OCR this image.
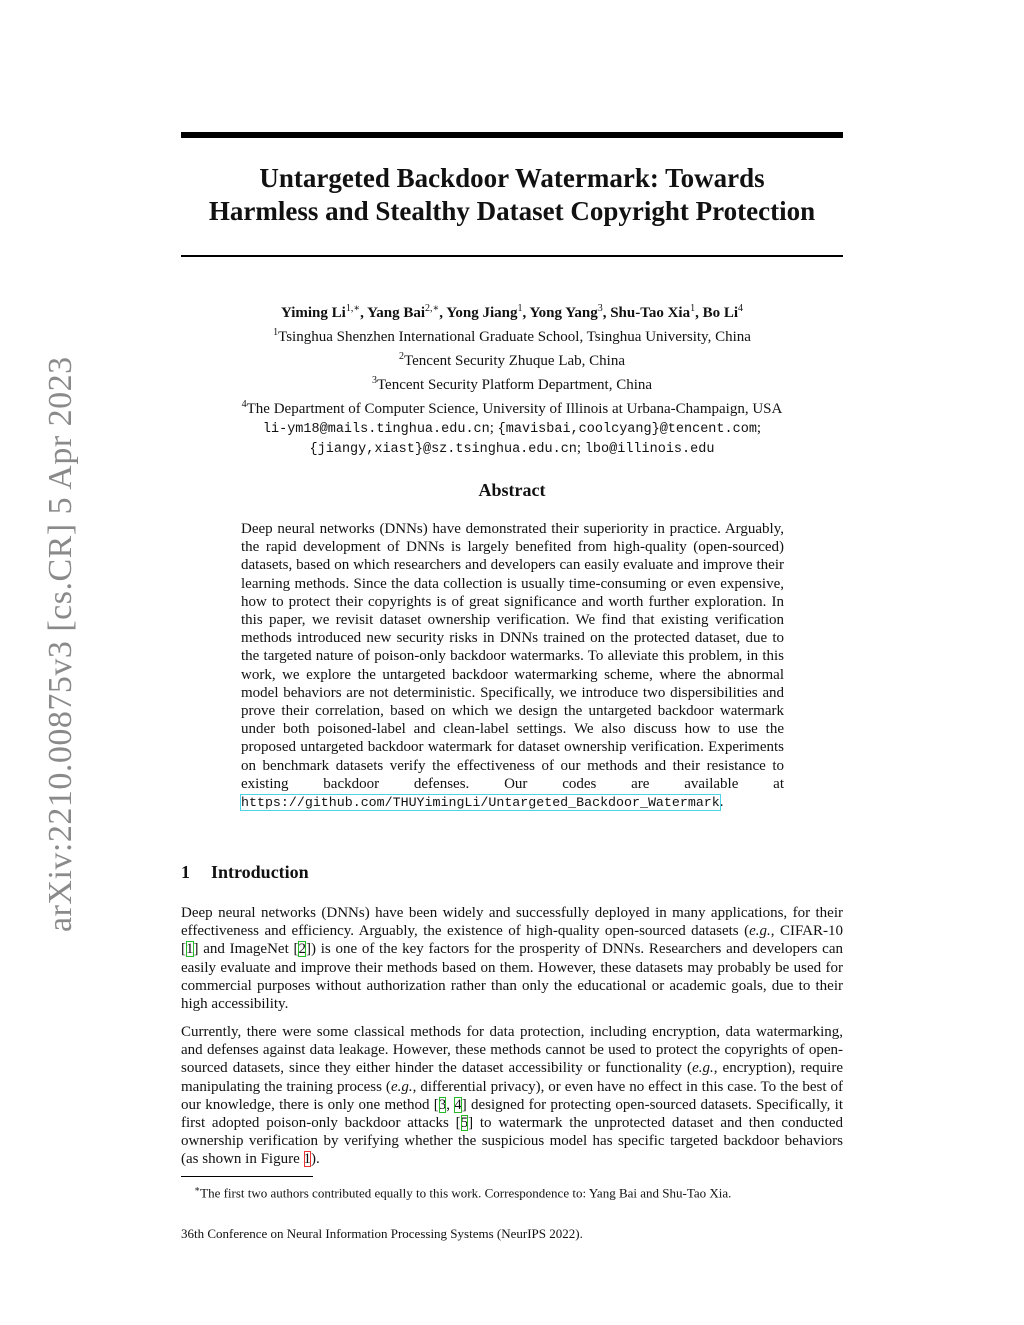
arXiv:2210.00875v3 [cs.CR] 5 Apr 2023
Untargeted Backdoor Watermark: Towards
Harmless and Stealthy Dataset Copyright Protection
Yiming $Li^{1,∗}$, Yang Bai$^{2,∗}$, Yong Jiang$^1$, Yong Yang$^3$, Shu-Tao Xia$^1$, Bo Li$^4$
$^1$Tsinghua Shenzhen International Graduate School, Tsinghua University, China
$^2$Tencent Security Zhuque Lab, China
$^3$Tencent Security Platform Department, China
$^4$The Department of Computer Science, University of Illinois at Urbana-Champaign, USA
li-ym18@mails.tinghua.edu.cn; {mavisbai,coolcyang}@tencent.com;
{jiangy,xiast}@sz.tsinghua.edu.cn; lbo@illinois.edu
Abstract

Deep neural networks (DNNs) have demonstrated their superiority in practice. Arguably, the rapid development of DNNs is largely benefited from high-quality (open-sourced) datasets, based on which researchers and developers can easily evaluate and improve their learning methods. Since the data collection is usually time-consuming or even expensive, how to protect their copyrights is of great significance and worth further exploration. In this paper, we revisit dataset ownership verification. We find that existing verification methods introduced new security risks in DNNs trained on the protected dataset, due to the targeted nature of poison-only backdoor watermarks. To alleviate this problem, in this work, we explore the untargeted backdoor watermarking scheme, where the abnormal model behaviors are not deterministic. Specifically, we introduce two dispersibilities and prove their correlation, based on which we design the untargeted backdoor watermark under both poisoned-label and clean-label settings. We also discuss how to use the proposed untargeted backdoor watermark for dataset ownership verification. Experiments on benchmark datasets verify the effectiveness of our methods and their resistance to existing backdoor defenses. Our codes are available at https://github.com/THUYimingLi/Untargeted_Backdoor_Watermark.

1 Introduction

Deep neural networks (DNNs) have been widely and successfully deployed in many applications, for their effectiveness and efficiency. Arguably, the existence of high-quality open-sourced datasets (e.g., CIFAR-10 [1] and ImageNet [2]) is one of the key factors for the prosperity of DNNs. Researchers and developers can easily evaluate and improve their methods based on them. However, these datasets may probably be used for commercial purposes without authorization rather than only the educational or academic goals, due to their high accessibility.

Currently, there were some classical methods for data protection, including encryption, data watermarking, and defenses against data leakage. However, these methods cannot be used to protect the copyrights of open-sourced datasets, since they either hinder the dataset accessibility or functionality (e.g., encryption), require manipulating the training process (e.g., differential privacy), or even have no effect in this case. To the best of our knowledge, there is only one method [3, 4] designed for protecting open-sourced datasets. Specifically, it first adopted poison-only backdoor attacks [5] to watermark the unprotected dataset and then conducted ownership verification by verifying whether the suspicious model has specific targeted backdoor behaviors (as shown in Figure 1).

∗The first two authors contributed equally to this work. Correspondence to: Yang Bai and Shu-Tao Xia.

36th Conference on Neural Information Processing Systems (NeurIPS 2022).
